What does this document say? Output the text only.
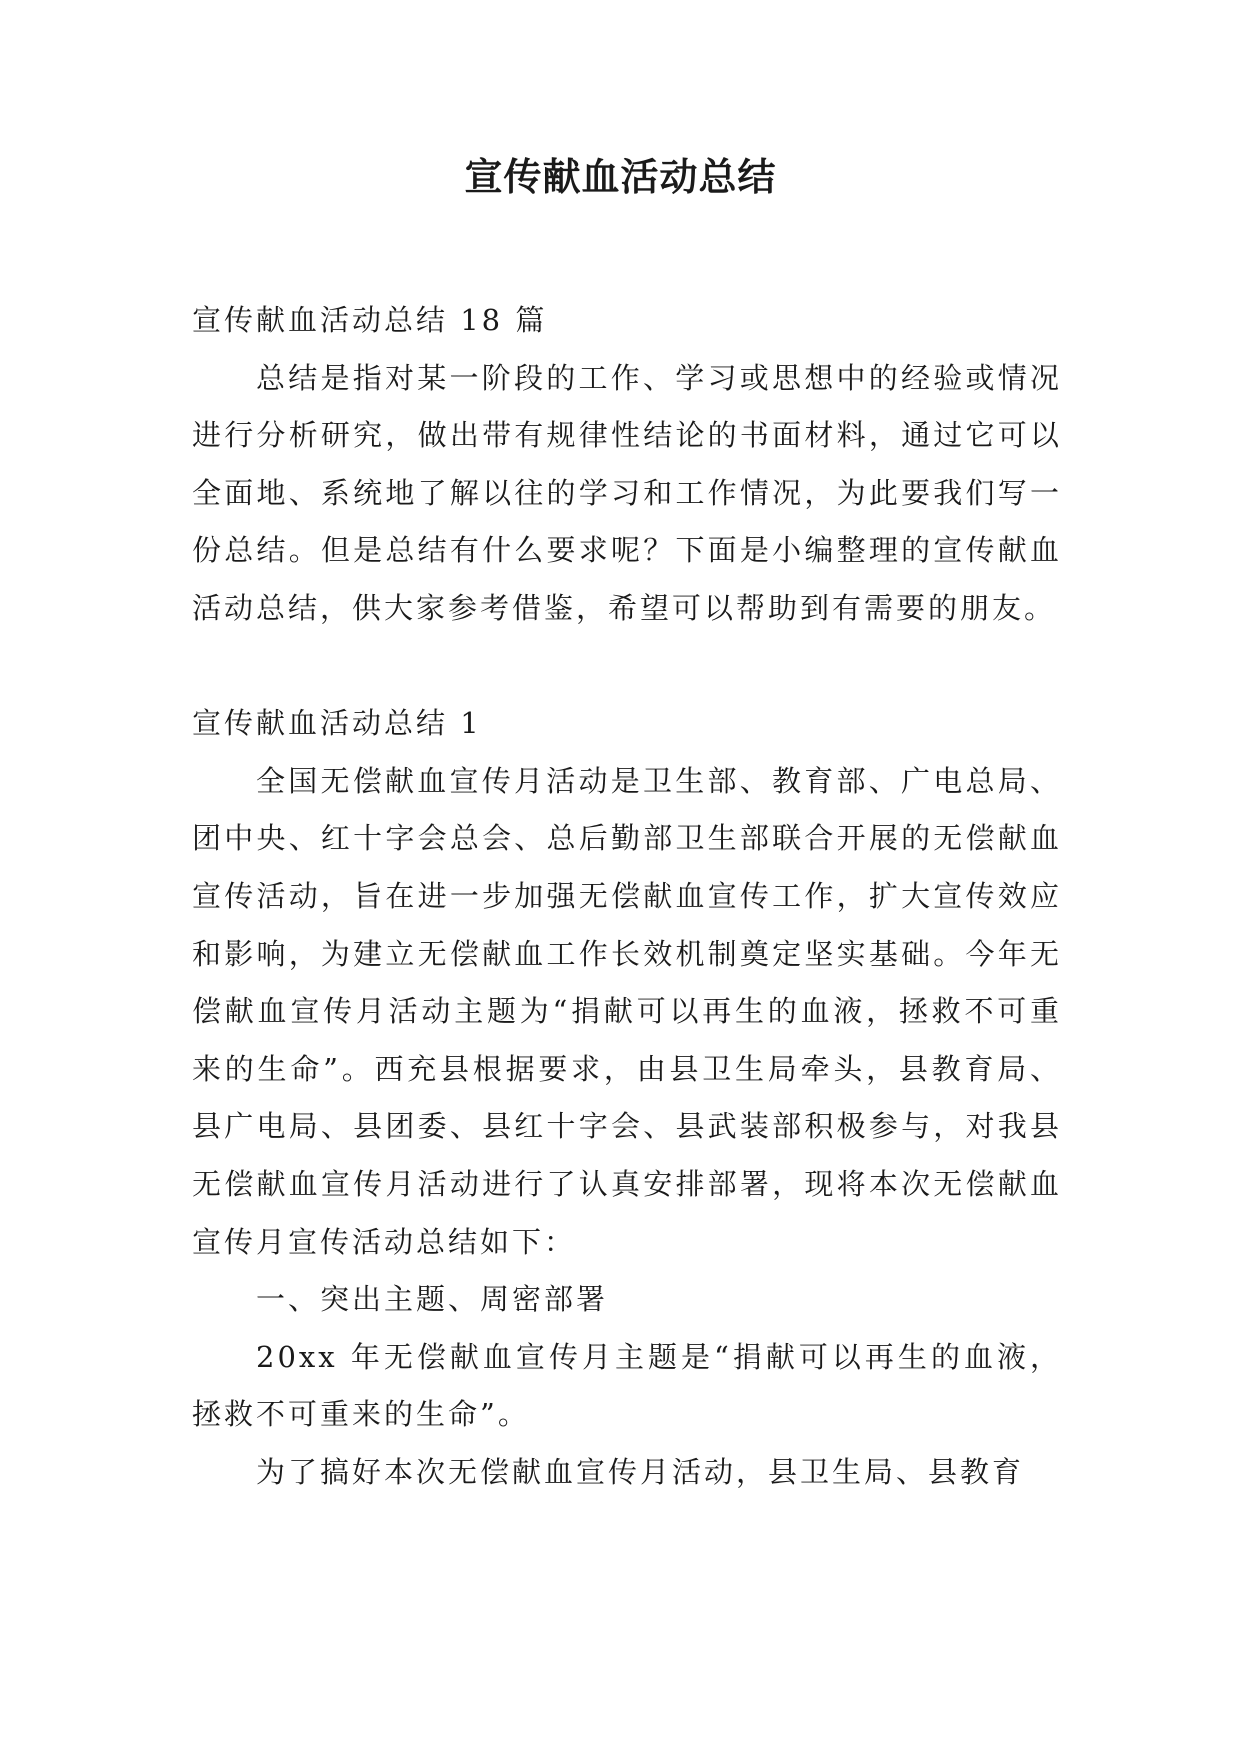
宣传献血活动总结

宣传献血活动总结 18 篇

总结是指对某一阶段的工作、学习或思想中的经验或情况进行分析研究，做出带有规律性结论的书面材料，通过它可以全面地、系统地了解以往的学习和工作情况，为此要我们写一份总结。但是总结有什么要求呢？下面是小编整理的宣传献血活动总结，供大家参考借鉴，希望可以帮助到有需要的朋友。

宣传献血活动总结 1

全国无偿献血宣传月活动是卫生部、教育部、广电总局、团中央、红十字会总会、总后勤部卫生部联合开展的无偿献血宣传活动，旨在进一步加强无偿献血宣传工作，扩大宣传效应和影响，为建立无偿献血工作长效机制奠定坚实基础。今年无偿献血宣传月活动主题为“捐献可以再生的血液，拯救不可重来的生命”。西充县根据要求，由县卫生局牵头，县教育局、县广电局、县团委、县红十字会、县武装部积极参与，对我县无偿献血宣传月活动进行了认真安排部署，现将本次无偿献血宣传月宣传活动总结如下：

一、突出主题、周密部署

20xx 年无偿献血宣传月主题是“捐献可以再生的血液，拯救不可重来的生命”。

为了搞好本次无偿献血宣传月活动，县卫生局、县教育
